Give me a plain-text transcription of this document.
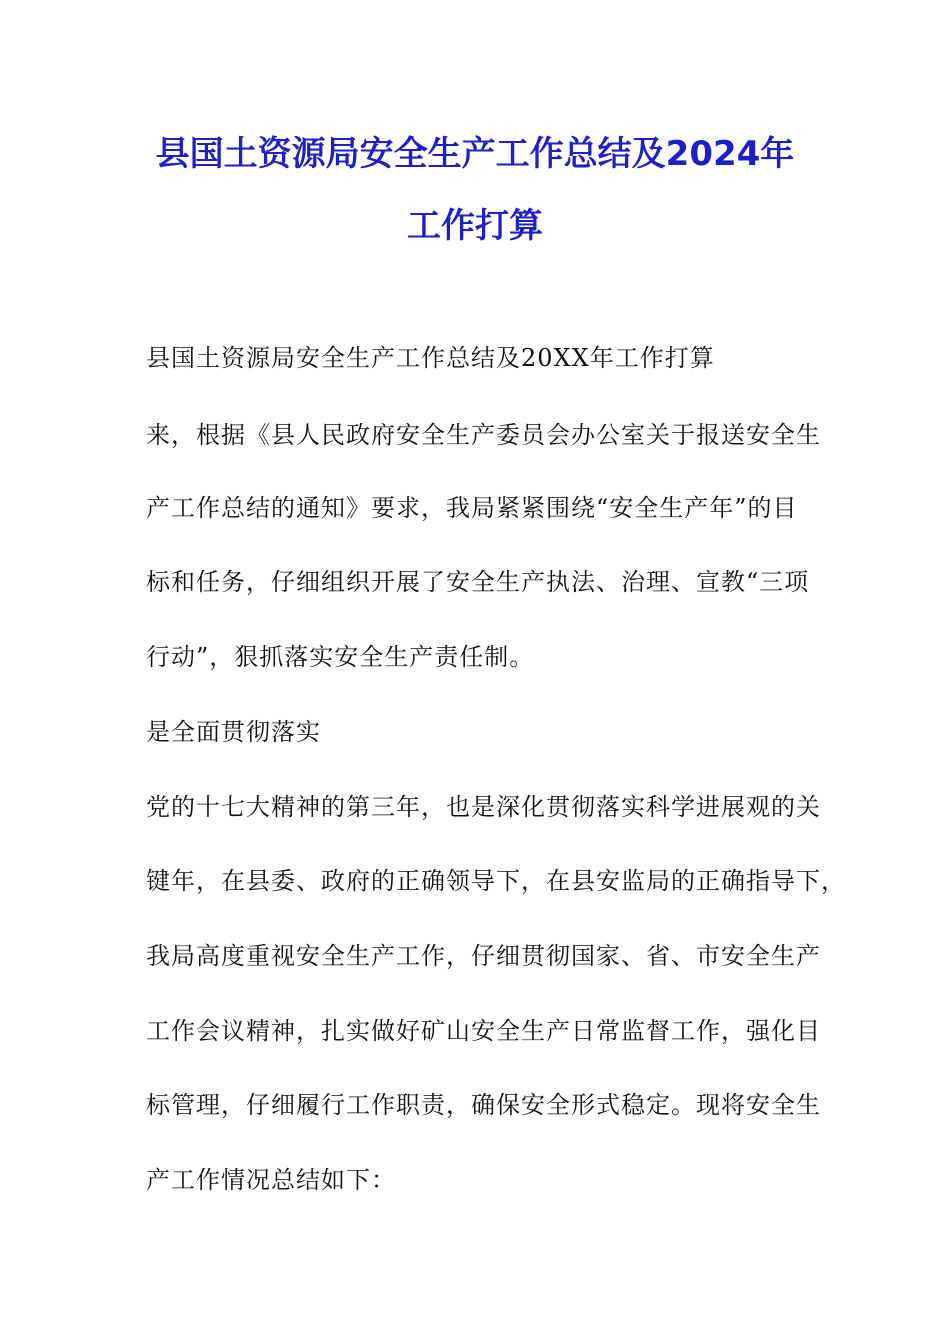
县国土资源局安全生产工作总结及2024年
工作打算
县国土资源局安全生产工作总结及20XX年工作打算
来，根据《县人民政府安全生产委员会办公室关于报送安全生
产工作总结的通知》要求，我局紧紧围绕“安全生产年”的目
标和任务，仔细组织开展了安全生产执法、治理、宣教“三项
行动”，狠抓落实安全生产责任制。
是全面贯彻落实
党的十七大精神的第三年，也是深化贯彻落实科学进展观的关
键年，在县委、政府的正确领导下，在县安监局的正确指导下，
我局高度重视安全生产工作，仔细贯彻国家、省、市安全生产
工作会议精神，扎实做好矿山安全生产日常监督工作，强化目
标管理，仔细履行工作职责，确保安全形式稳定。现将安全生
产工作情况总结如下：
